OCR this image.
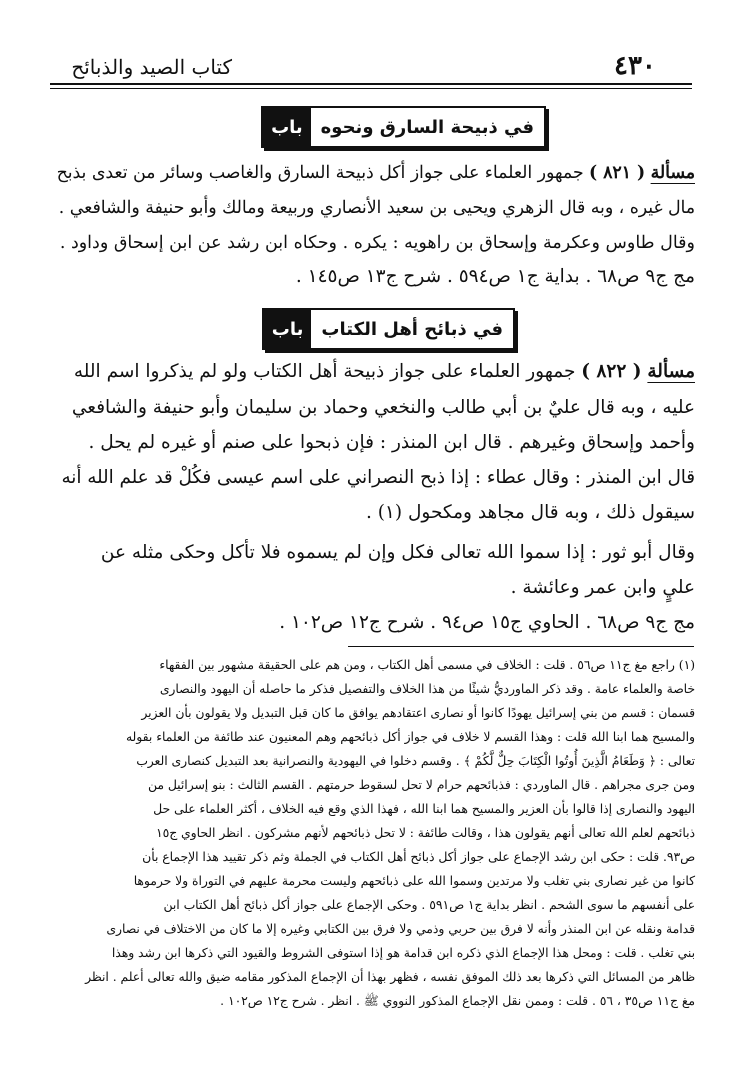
٤٣٠
كتاب الصيد والذبائح
باب	في ذبيحة السارق ونحوه
مسألة ( ٨٢١ ) جمهور العلماء على جواز أكل ذبيحة السارق والغاصب وسائر من تعدى بذبح
مال غيره ، وبه قال الزهري ويحيى بن سعيد الأنصاري وربيعة ومالك وأبو حنيفة والشافعي .
وقال طاوس وعكرمة وإسحاق بن راهويه : يكره . وحكاه ابن رشد عن ابن إسحاق وداود .
مج ج٩ ص٦٨ . بداية ج١ ص٥٩٤ . شرح ج١٣ ص١٤٥ .
باب	في ذبائح أهل الكتاب
مسألة ( ٨٢٢ ) جمهور العلماء على جواز ذبيحة أهل الكتاب ولو لم يذكروا اسم الله
عليه ، وبه قال عليٌ بن أبي طالب والنخعي وحماد بن سليمان وأبو حنيفة والشافعي
وأحمد وإسحاق وغيرهم . قال ابن المنذر : فإن ذبحوا على صنم أو غيره لم يحل .
قال ابن المنذر : وقال عطاء : إذا ذبح النصراني على اسم عيسى فكُلْ قد علم الله أنه
سيقول ذلك ، وبه قال مجاهد ومكحول (١) .
وقال أبو ثور : إذا سموا الله تعالى فكل وإن لم يسموه فلا تأكل وحكى مثله عن
عليٍ وابن عمر وعائشة .
مج ج٩ ص٦٨ . الحاوي ج١٥ ص٩٤ . شرح ج١٢ ص١٠٢ .
(١) راجع مغ ج١١ ص٥٦ . قلت : الخلاف في مسمى أهل الكتاب ، ومن هم على الحقيقة مشهور بين الفقهاء
خاصة والعلماء عامة . وقد ذكر الماورديُّ شيئًا من هذا الخلاف والتفصيل فذكر ما حاصله أن اليهود والنصارى
قسمان : قسم من بني إسرائيل يهودًا كانوا أو نصارى اعتقادهم يوافق ما كان قبل التبديل ولا يقولون بأن العزير
والمسيح هما ابنا الله قلت : وهذا القسم لا خلاف في جواز أكل ذبائحهم وهم المعنيون عند طائفة من العلماء بقوله
تعالى : ﴿ وَطَعَامُ الَّذِينَ أُوتُوا الْكِتَابَ حِلٌّ لَّكُمْ ﴾ . وقسم دخلوا في اليهودية والنصرانية بعد التبديل كنصارى العرب
ومن جرى مجراهم . قال الماوردي : فذبائحهم حرام لا تحل لسقوط حرمتهم . القسم الثالث : بنو إسرائيل من
اليهود والنصارى إذا قالوا بأن العزير والمسيح هما ابنا الله ، فهذا الذي وقع فيه الخلاف ، أكثر العلماء على حل
ذبائحهم لعلم الله تعالى أنهم يقولون هذا ، وقالت طائفة : لا تحل ذبائحهم لأنهم مشركون . انظر الحاوي ج١٥
ص٩٣. قلت : حكى ابن رشد الإجماع على جواز أكل ذبائح أهل الكتاب في الجملة وثم ذكر تقييد هذا الإجماع بأن
كانوا من غير نصارى بني تغلب ولا مرتدين وسموا الله على ذبائحهم وليست محرمة عليهم في التوراة ولا حرموها
على أنفسهم ما سوى الشحم . انظر بداية ج١ ص٥٩١ . وحكى الإجماع على جواز أكل ذبائح أهل الكتاب ابن
قدامة ونقله عن ابن المنذر وأنه لا فرق بين حربي وذمي ولا فرق بين الكتابي وغيره إلا ما كان من الاختلاف في نصارى
بني تغلب . قلت : ومحل هذا الإجماع الذي ذكره ابن قدامة هو إذا استوفى الشروط والقيود التي ذكرها ابن رشد وهذا
ظاهر من المسائل التي ذكرها بعد ذلك الموفق نفسه ، فظهر بهذا أن الإجماع المذكور مقامه ضيق والله تعالى أعلم . انظر
مغ ج١١ ص٣٥ ، ٥٦ . قلت : وممن نقل الإجماع المذكور النووي ﷺ . انظر . شرح ج١٢ ص١٠٢ .
